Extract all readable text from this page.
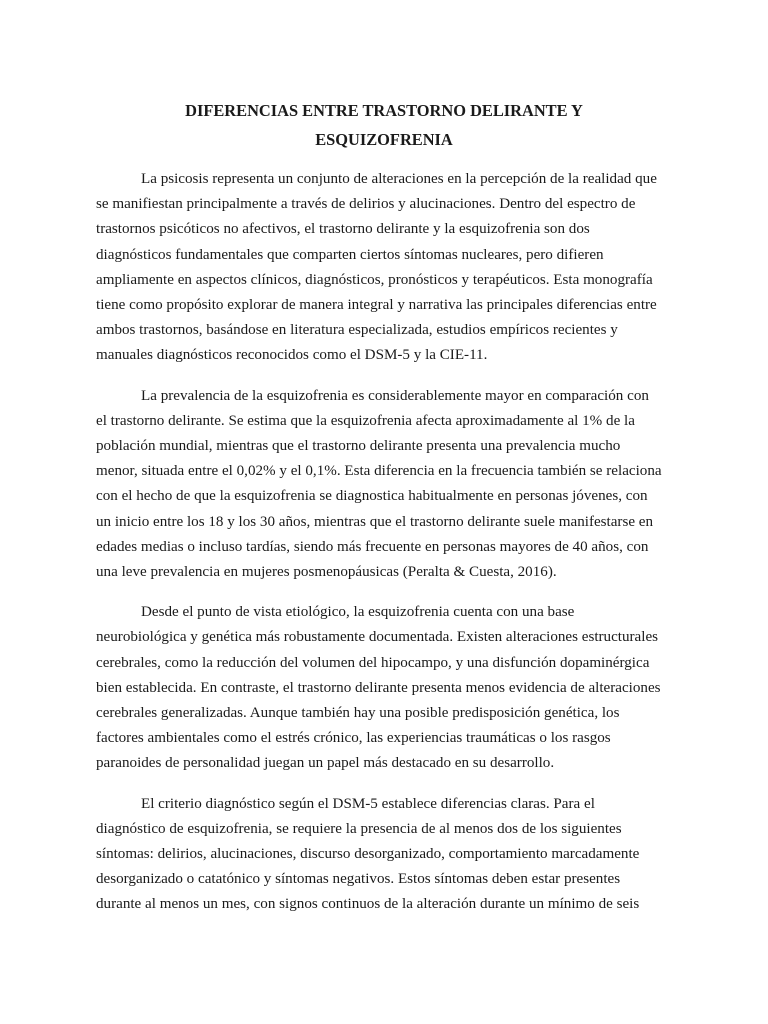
DIFERENCIAS ENTRE TRASTORNO DELIRANTE Y
ESQUIZOFRENIA

La psicosis representa un conjunto de alteraciones en la percepción de la realidad que
se manifiestan principalmente a través de delirios y alucinaciones. Dentro del espectro de
trastornos psicóticos no afectivos, el trastorno delirante y la esquizofrenia son dos
diagnósticos fundamentales que comparten ciertos síntomas nucleares, pero difieren
ampliamente en aspectos clínicos, diagnósticos, pronósticos y terapéuticos. Esta monografía
tiene como propósito explorar de manera integral y narrativa las principales diferencias entre
ambos trastornos, basándose en literatura especializada, estudios empíricos recientes y
manuales diagnósticos reconocidos como el DSM-5 y la CIE-11.

La prevalencia de la esquizofrenia es considerablemente mayor en comparación con
el trastorno delirante. Se estima que la esquizofrenia afecta aproximadamente al 1% de la
población mundial, mientras que el trastorno delirante presenta una prevalencia mucho
menor, situada entre el 0,02% y el 0,1%. Esta diferencia en la frecuencia también se relaciona
con el hecho de que la esquizofrenia se diagnostica habitualmente en personas jóvenes, con
un inicio entre los 18 y los 30 años, mientras que el trastorno delirante suele manifestarse en
edades medias o incluso tardías, siendo más frecuente en personas mayores de 40 años, con
una leve prevalencia en mujeres posmenopáusicas (Peralta & Cuesta, 2016).

Desde el punto de vista etiológico, la esquizofrenia cuenta con una base
neurobiológica y genética más robustamente documentada. Existen alteraciones estructurales
cerebrales, como la reducción del volumen del hipocampo, y una disfunción dopaminérgica
bien establecida. En contraste, el trastorno delirante presenta menos evidencia de alteraciones
cerebrales generalizadas. Aunque también hay una posible predisposición genética, los
factores ambientales como el estrés crónico, las experiencias traumáticas o los rasgos
paranoides de personalidad juegan un papel más destacado en su desarrollo.

El criterio diagnóstico según el DSM-5 establece diferencias claras. Para el
diagnóstico de esquizofrenia, se requiere la presencia de al menos dos de los siguientes
síntomas: delirios, alucinaciones, discurso desorganizado, comportamiento marcadamente
desorganizado o catatónico y síntomas negativos. Estos síntomas deben estar presentes
durante al menos un mes, con signos continuos de la alteración durante un mínimo de seis
